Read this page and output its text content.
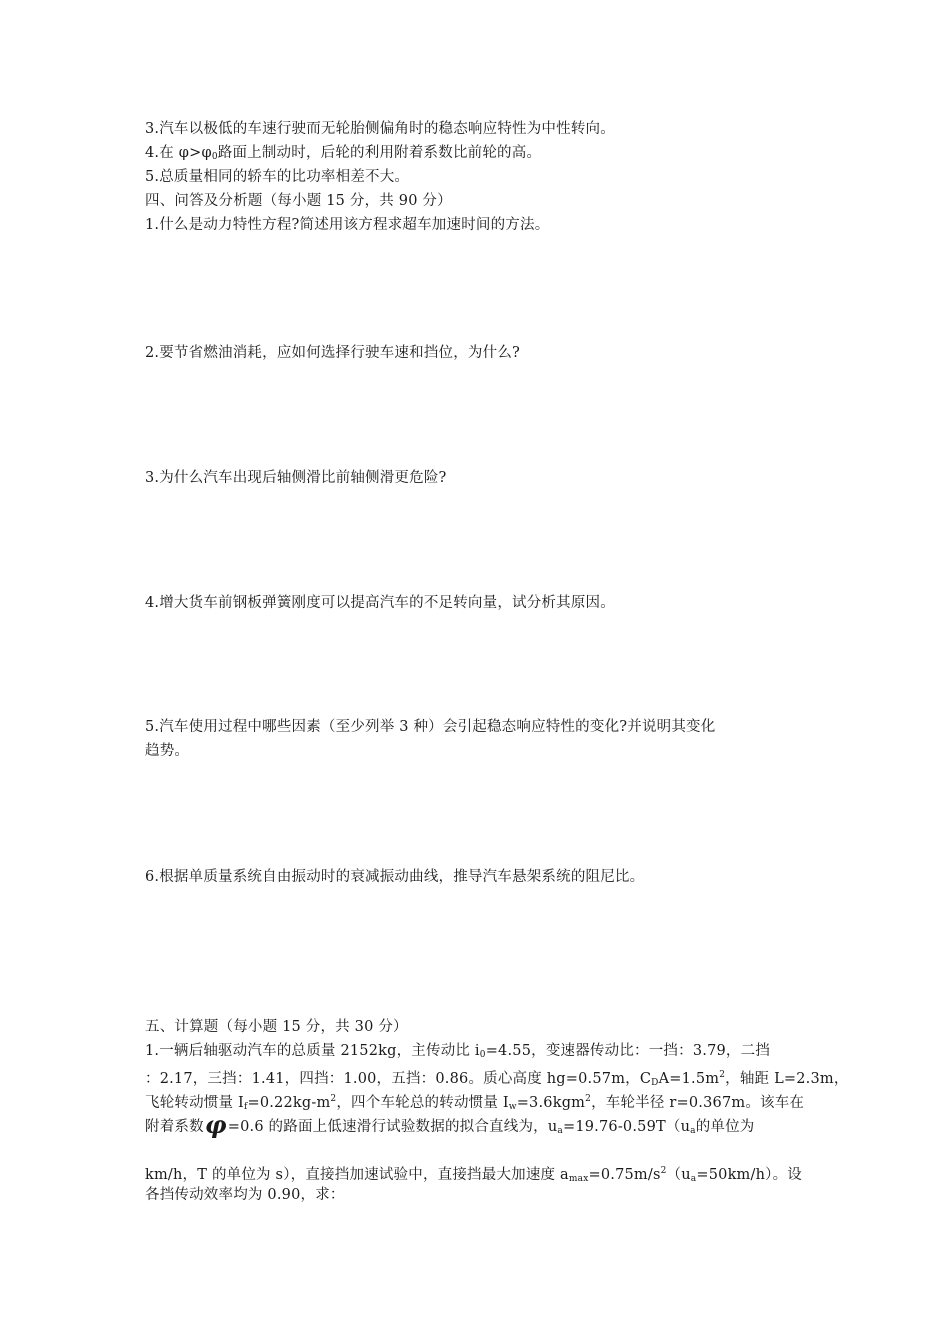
3.汽车以极低的车速行驶而无轮胎侧偏角时的稳态响应特性为中性转向。
4.在 $\varphi>\varphi_0$路面上制动时，后轮的利用附着系数比前轮的高。
5.总质量相同的轿车的比功率相差不大。
四、问答及分析题（每小题 15 分，共 90 分）
1.什么是动力特性方程?简述用该方程求超车加速时间的方法。
2.要节省燃油消耗，应如何选择行驶车速和挡位，为什么?
3.为什么汽车出现后轴侧滑比前轴侧滑更危险?
4.增大货车前钢板弹簧刚度可以提高汽车的不足转向量，试分析其原因。
5.汽车使用过程中哪些因素（至少列举 3 种）会引起稳态响应特性的变化?并说明其变化
趋势。
6.根据单质量系统自由振动时的衰减振动曲线，推导汽车悬架系统的阻尼比。
五、计算题（每小题 15 分，共 30 分）
1.一辆后轴驱动汽车的总质量 2152kg，主传动比 $i_0=4.55$，变速器传动比：一挡：3.79，二挡
：2.17，三挡：1.41，四挡：1.00，五挡：0.86。质心高度 hg=0.57m，$C_DA=1.5m^2$，轴距 L=2.3m，
飞轮转动惯量 $I_f=0.22kg-m^2$，四个车轮总的转动惯量 $I_w=3.6kgm^2$，车轮半径 r=0.367m。该车在
附着系数φ=0.6 的路面上低速滑行试验数据的拟合直线为，$u_a=19.76-0.59T(u_a$的单位为
km/h，T 的单位为 s），直接挡加速试验中，直接挡最大加速度 $a_{max}=0.75m/s^2(u_a=50km/h)$。设
各挡传动效率均为 0.90，求：
